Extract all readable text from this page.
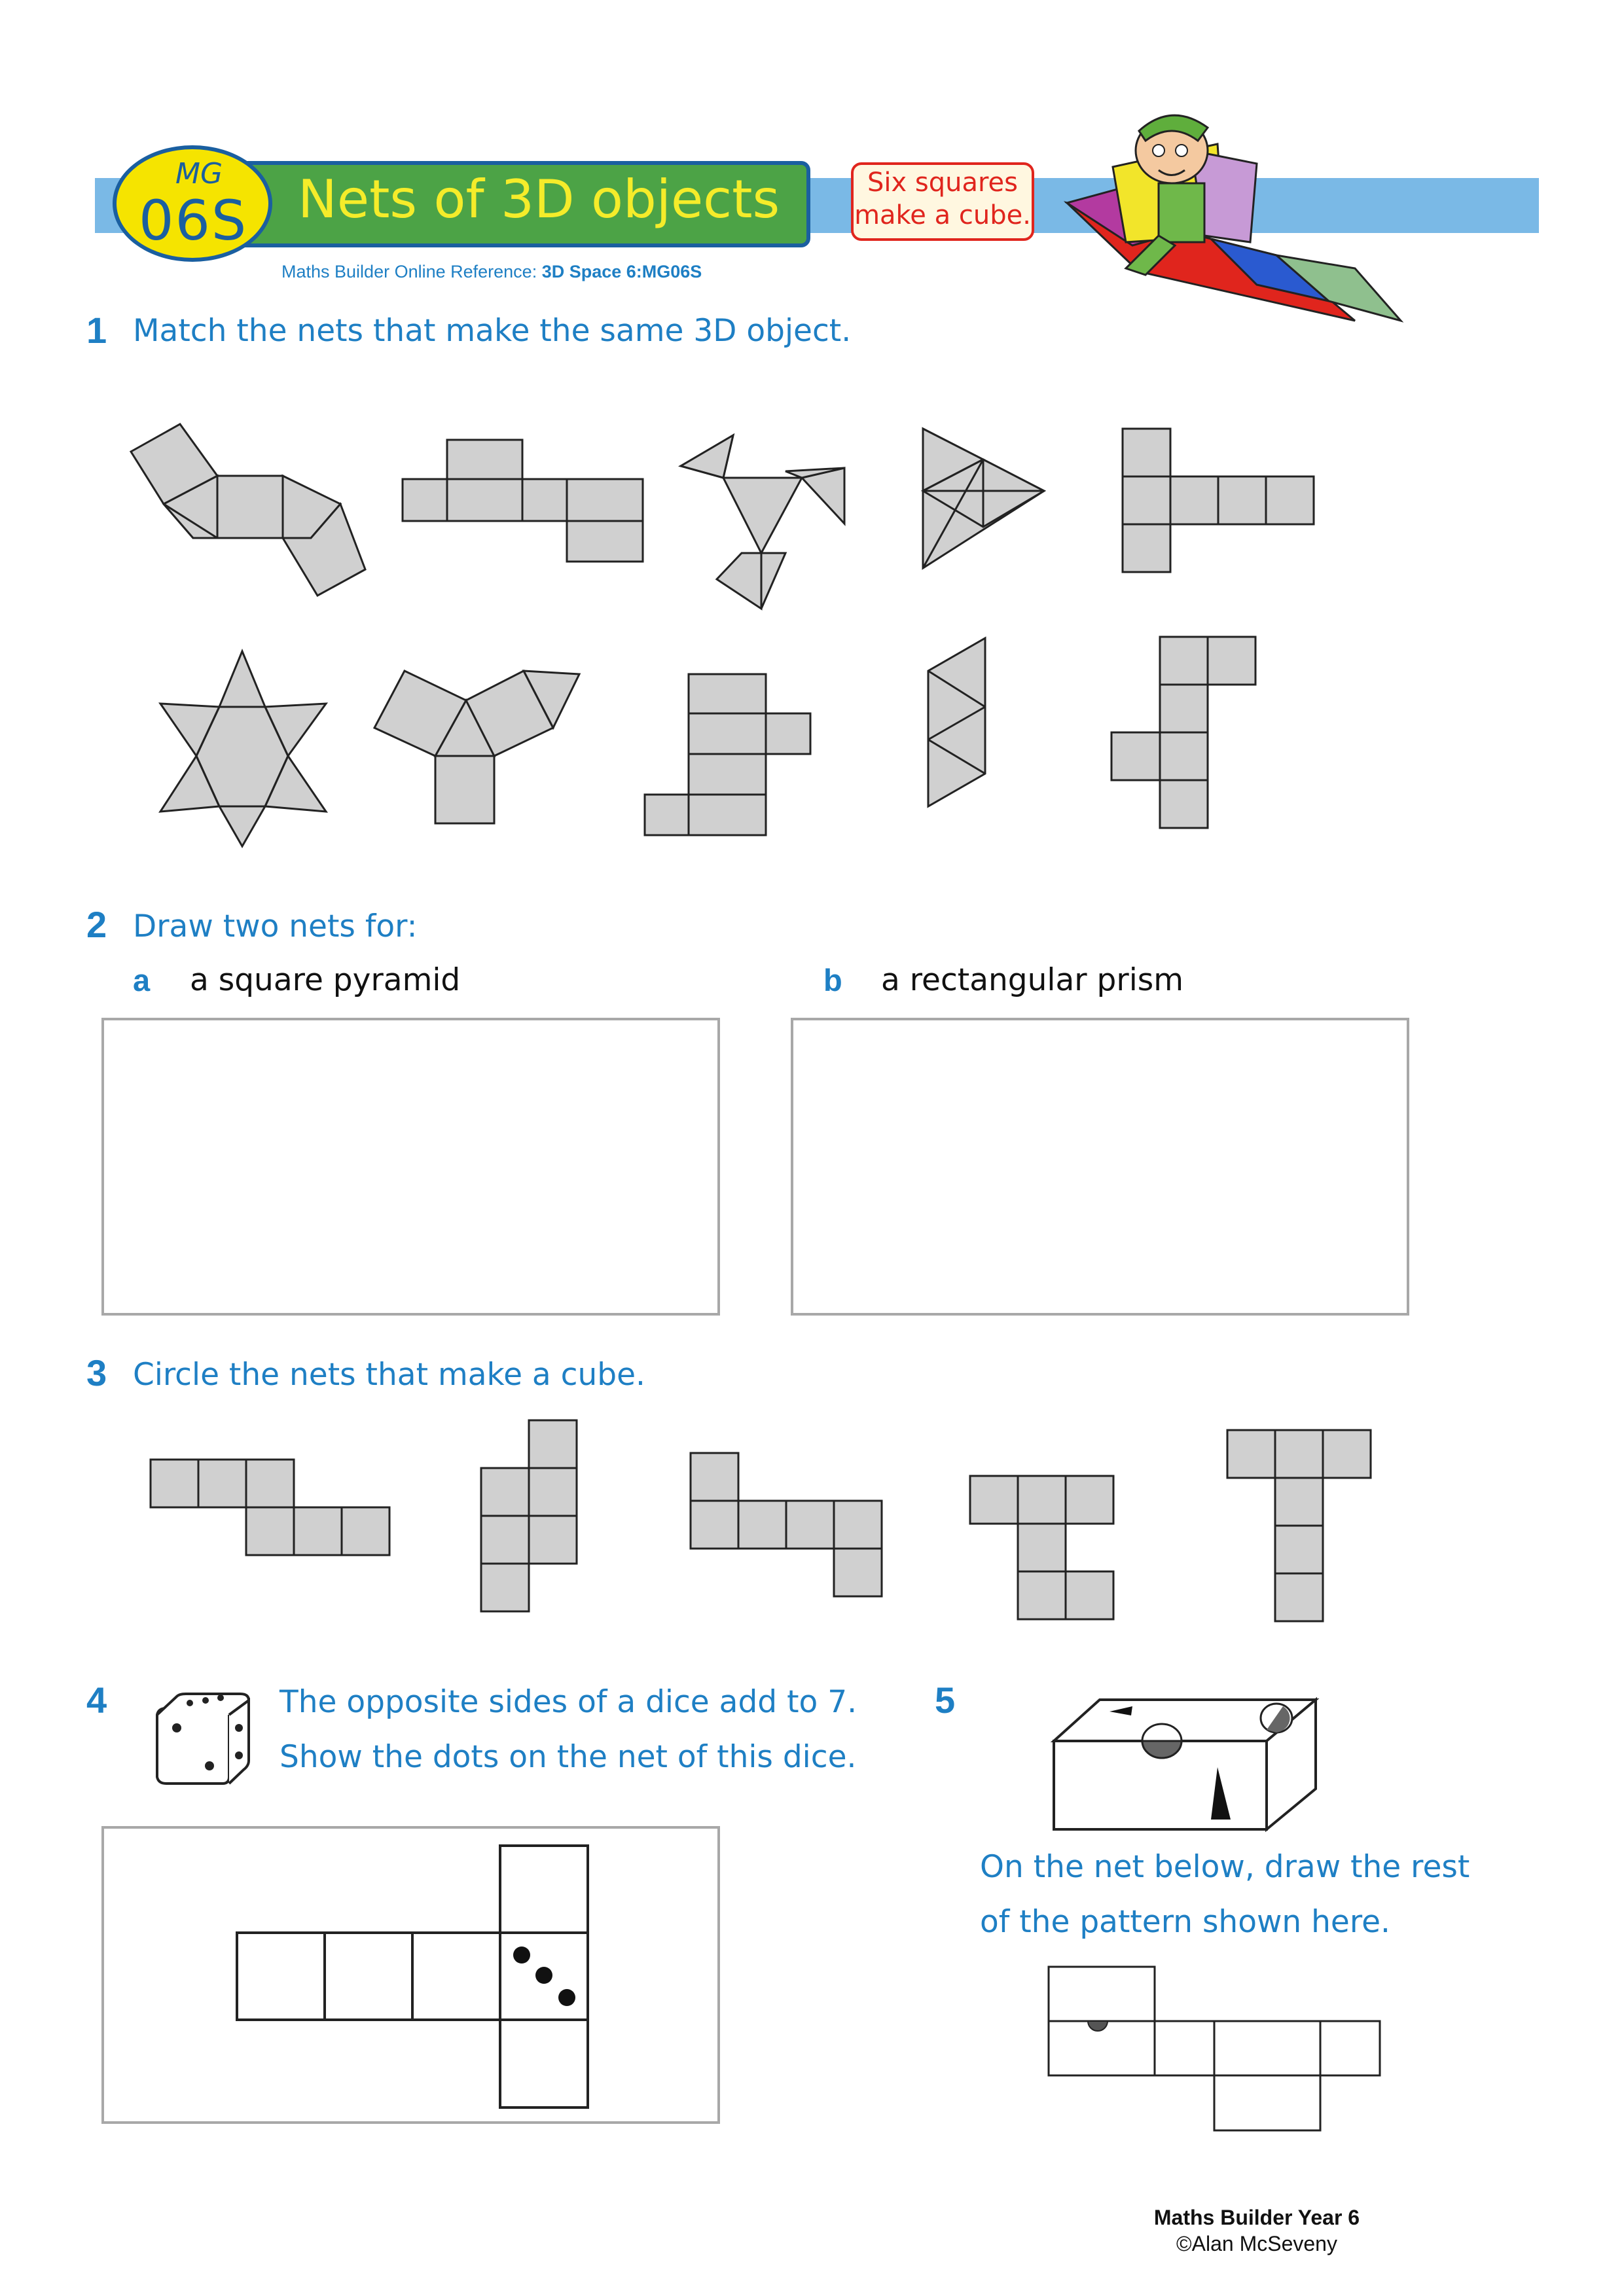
Nets of 3D objects
MG
06S
Six squares
make a cube.
Maths Builder Online Reference: 3D Space 6:MG06S
1 Match the nets that make the same 3D object.
2 Draw two nets for:
a a square pyramid	b a rectangular prism
3 Circle the nets that make a cube.
4	The opposite sides of a dice add to 7.
Show the dots on the net of this dice.
5
On the net below, draw the rest
of the pattern shown here.
Maths Builder Year 6
©Alan McSeveny
